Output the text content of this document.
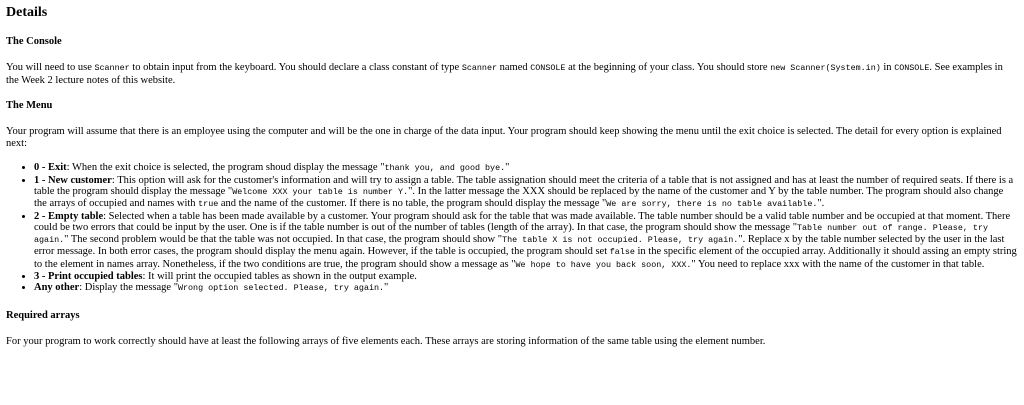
Details
The Console

You will need to use Scanner to obtain input from the keyboard. You should declare a class constant of type Scanner named CONSOLE at the beginning of your class. You should store new Scanner(System.in) in CONSOLE. See examples in the Week 2 lecture notes of this website.

The Menu

Your program will assume that there is an employee using the computer and will be the one in charge of the data input. Your program should keep showing the menu until the exit choice is selected. The detail for every option is explained next:

• 0 - Exit: When the exit choice is selected, the program shoud display the message "thank you, and good bye."
• 1 - New customer: This option will ask for the customer's information and will try to assign a table. The table assignation should meet the criteria of a table that is not assigned and has at least the number of required seats. If there is a table the program should display the message "Welcome XXX your table is number Y.". In the latter message the XXX should be replaced by the name of the customer and Y by the table number. The program should also change the arrays of occupied and names with true and the name of the customer. If there is no table, the program should display the message "We are sorry, there is no table available.".
• 2 - Empty table: Selected when a table has been made available by a customer. Your program should ask for the table that was made available. The table number should be a valid table number and be occupied at that moment. There could be two errors that could be input by the user. One is if the table number is out of the number of tables (length of the array). In that case, the program should show the message "Table number out of range. Please, try again." The second problem would be that the table was not occupied. In that case, the program should show "The table X is not occupied. Please, try again.". Replace x by the table number selected by the user in the last error message. In both error cases, the program should display the menu again. However, if the table is occupied, the program should set false in the specific element of the occupied array. Additionally it should assing an empty string to the element in names array. Nonetheless, if the two conditions are true, the program should show a message as "We hope to have you back soon, XXX." You need to replace xxx with the name of the customer in that table.
• 3 - Print occupied tables: It will print the occupied tables as shown in the output example.
• Any other: Display the message "Wrong option selected. Please, try again."
Required arrays

For your program to work correctly should have at least the following arrays of five elements each. These arrays are storing information of the same table using the element number.
